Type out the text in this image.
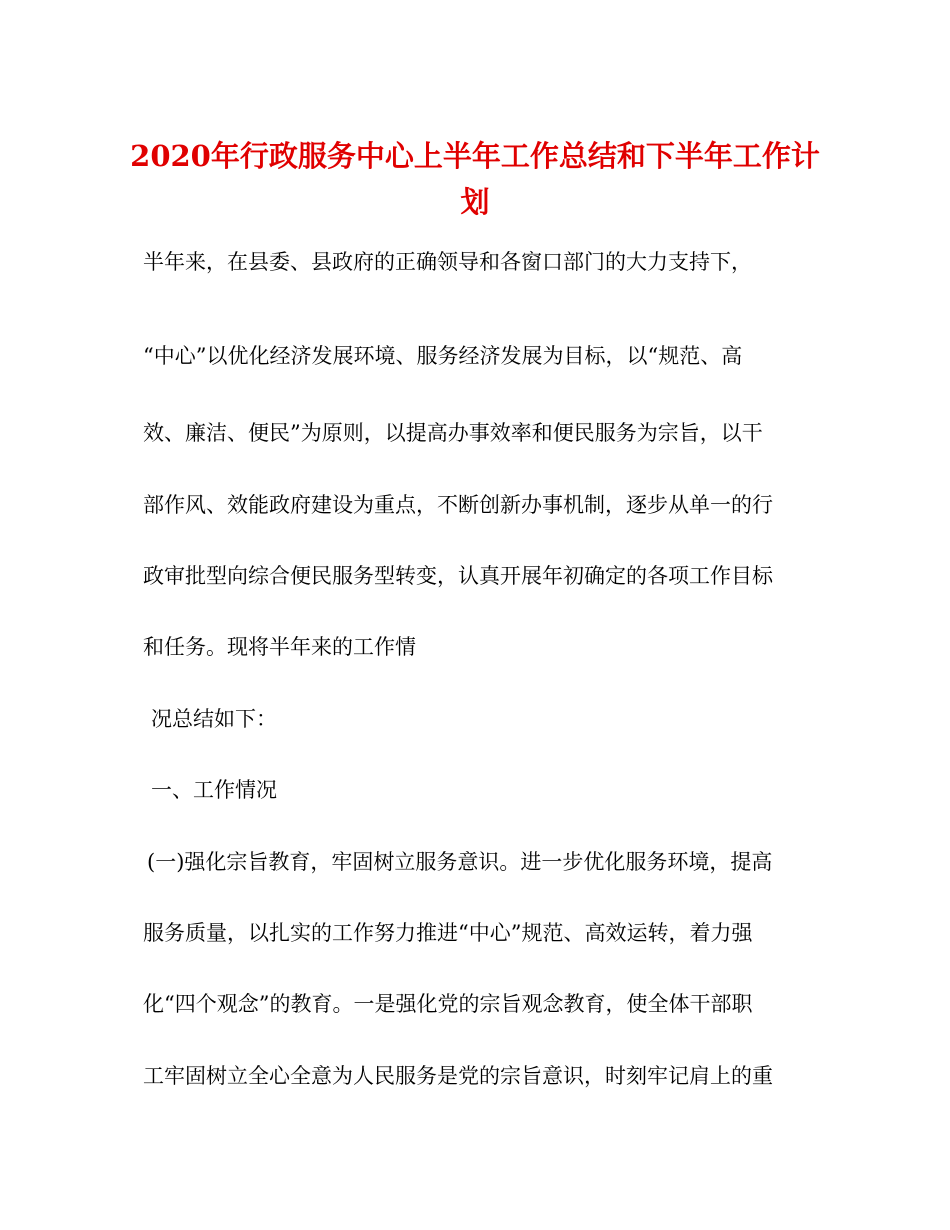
2020年行政服务中心上半年工作总结和下半年工作计
划

半年来，在县委、县政府的正确领导和各窗口部门的大力支持下，

“中心”以优化经济发展环境、服务经济发展为目标，以“规范、高

效、廉洁、便民”为原则，以提高办事效率和便民服务为宗旨，以干

部作风、效能政府建设为重点，不断创新办事机制，逐步从单一的行

政审批型向综合便民服务型转变，认真开展年初确定的各项工作目标

和任务。现将半年来的工作情

况总结如下：

一、工作情况

(一)强化宗旨教育，牢固树立服务意识。进一步优化服务环境，提高

服务质量，以扎实的工作努力推进“中心”规范、高效运转，着力强

化“四个观念”的教育。一是强化党的宗旨观念教育，使全体干部职

工牢固树立全心全意为人民服务是党的宗旨意识，时刻牢记肩上的重
